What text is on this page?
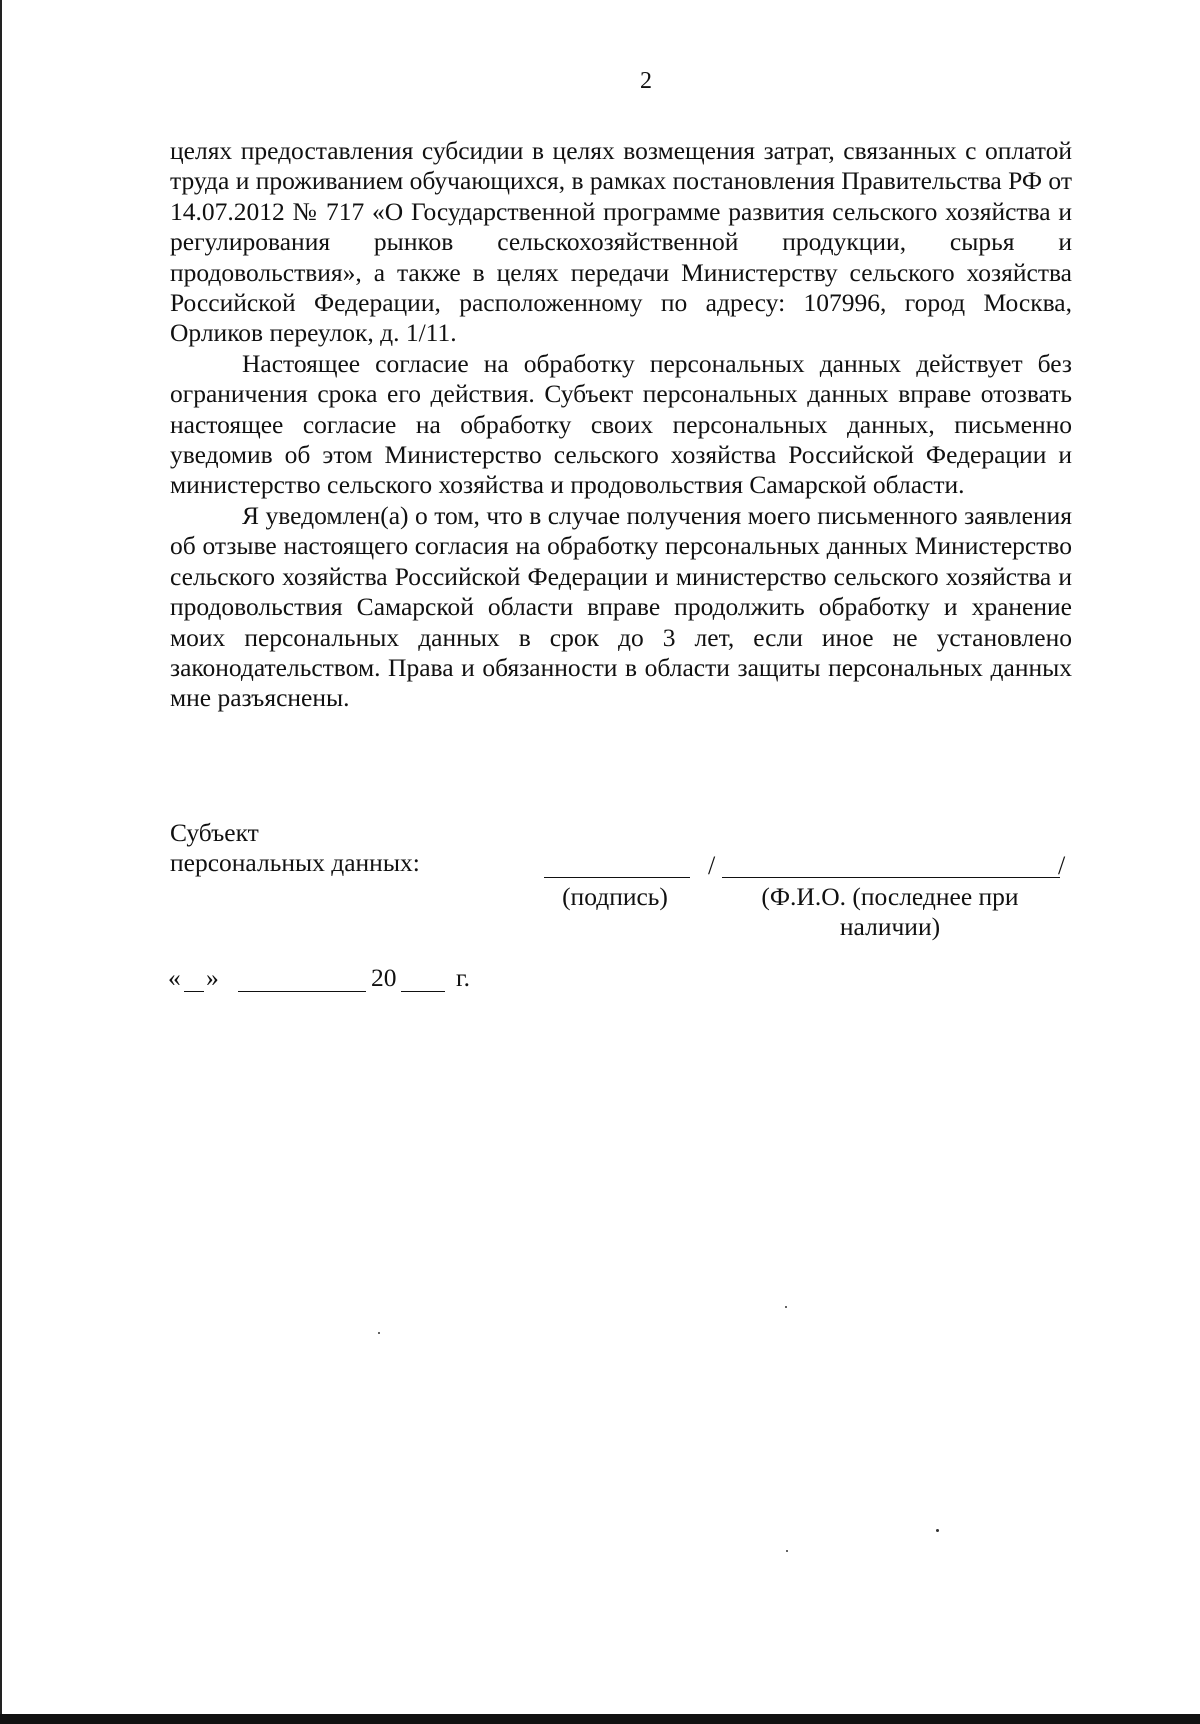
2

целях предоставления субсидии в целях возмещения затрат, связанных с оплатой труда и проживанием обучающихся, в рамках постановления Правительства РФ от 14.07.2012 № 717 «О Государственной программе развития сельского хозяйства и регулирования рынков сельскохозяйственной продукции, сырья и продовольствия», а также в целях передачи Министерству сельского хозяйства Российской Федерации, расположенному по адресу: 107996, город Москва, Орликов переулок, д. 1/11.

Настоящее согласие на обработку персональных данных действует без ограничения срока его действия. Субъект персональных данных вправе отозвать настоящее согласие на обработку своих персональных данных, письменно уведомив об этом Министерство сельского хозяйства Российской Федерации и министерство сельского хозяйства и продовольствия Самарской области.

Я уведомлен(а) о том, что в случае получения моего письменного заявления об отзыве настоящего согласия на обработку персональных данных Министерство сельского хозяйства Российской Федерации и министерство сельского хозяйства и продовольствия Самарской области вправе продолжить обработку и хранение моих персональных данных в срок до 3 лет, если иное не установлено законодательством. Права и обязанности в области защиты персональных данных мне разъяснены.

Субъект
персональных данных:	/	/
(подпись)	(Ф.И.О. (последнее при
наличии)
« »	20 г.
